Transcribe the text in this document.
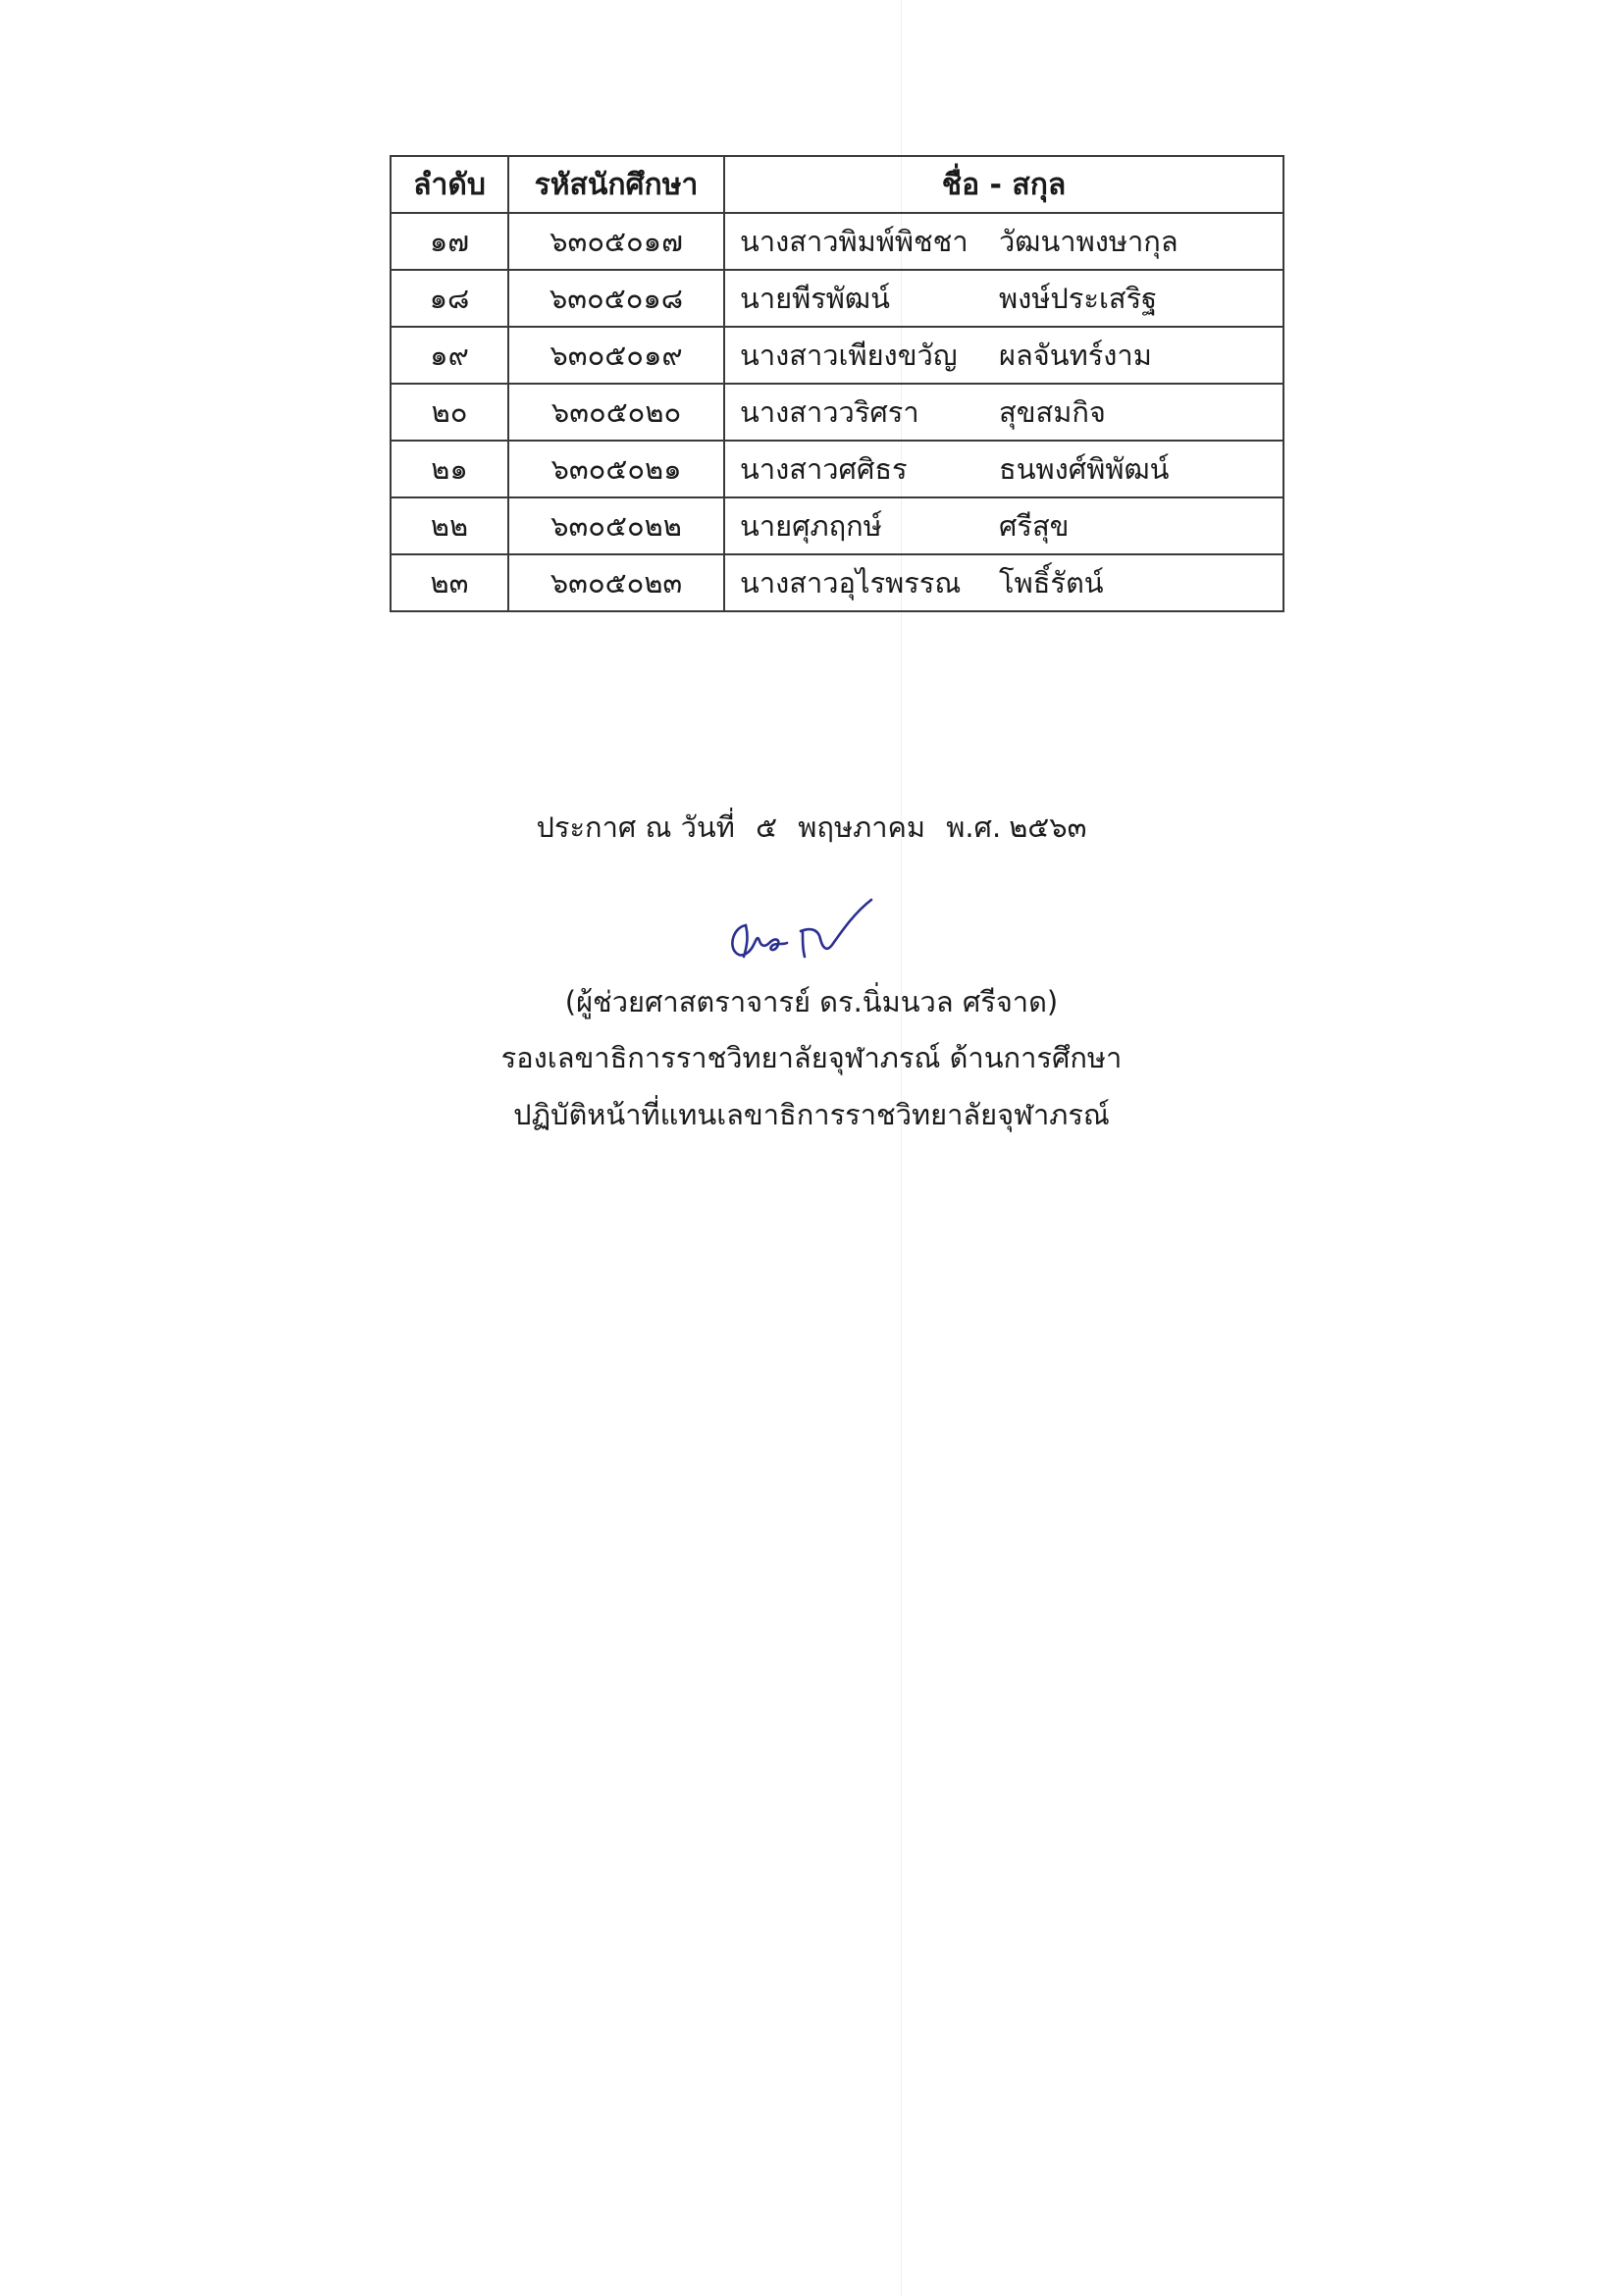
ลำดับ	รหัสนักศึกษา	ชื่อ - สกุล
๑๗	๖๓๐๕๐๑๗	นางสาวพิมพ์พิชชา วัฒนาพงษากุล

๑๘	๖๓๐๕๐๑๘	นายพีรพัฒน์ พงษ์ประเสริฐ

๑๙	๖๓๐๕๐๑๙	นางสาวเพียงขวัญ ผลจันทร์งาม

๒๐	๖๓๐๕๐๒๐	นางสาววริศรา สุขสมกิจ

๒๑	๖๓๐๕๐๒๑	นางสาวศศิธร ธนพงศ์พิพัฒน์

๒๒	๖๓๐๕๐๒๒	นายศุภฤกษ์ ศรีสุข

๒๓	๖๓๐๕๐๒๓	นางสาวอุไรพรรณ โพธิ์รัตน์
ประกาศ ณ วันที่ ๕ พฤษภาคม พ.ศ. ๒๕๖๓
(ผู้ช่วยศาสตราจารย์ ดร.นิ่มนวล ศรีจาด)
รองเลขาธิการราชวิทยาลัยจุฬาภรณ์ ด้านการศึกษา
ปฏิบัติหน้าที่แทนเลขาธิการราชวิทยาลัยจุฬาภรณ์
